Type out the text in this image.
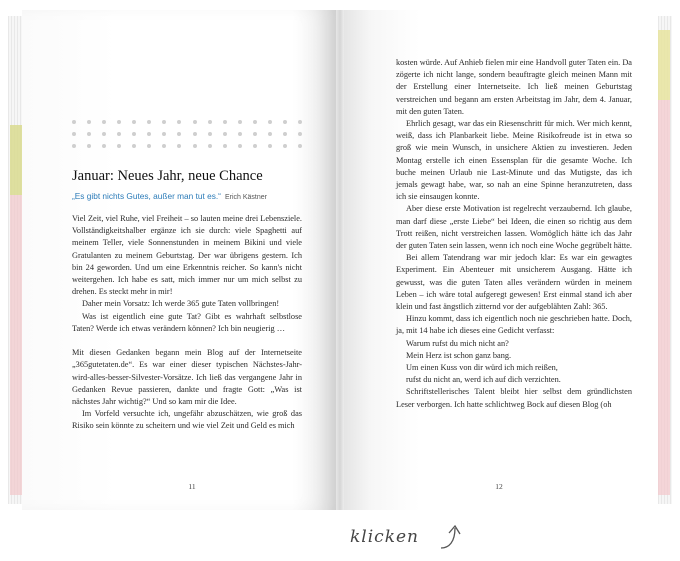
Januar: Neues Jahr, neue Chance
„Es gibt nichts Gutes, außer man tut es.“ Erich Kästner

Viel Zeit, viel Ruhe, viel Freiheit – so lauten meine drei Lebensziele. Vollständigkeitshalber ergänze ich sie durch: viele Spaghetti auf meinem Teller, viele Sonnenstunden in meinem Bikini und viele Gratulanten zu meinem Geburtstag. Der war übrigens gestern. Ich bin 24 geworden. Und um eine Erkenntnis reicher. So kann's nicht weitergehen. Ich habe es satt, mich immer nur um mich selbst zu drehen. Es steckt mehr in mir!

Daher mein Vorsatz: Ich werde 365 gute Taten vollbringen!

Was ist eigentlich eine gute Tat? Gibt es wahrhaft selbstlose Taten? Werde ich etwas verändern können? Ich bin neugierig …

Mit diesen Gedanken begann mein Blog auf der Internetseite „365gutetaten.de“. Es war einer dieser typischen Nächstes-Jahr-wird-alles-besser-Silvester-Vorsätze. Ich ließ das vergangene Jahr in Gedanken Revue passieren, dankte und fragte Gott: „Was ist nächstes Jahr wichtig?“ Und so kam mir die Idee.

Im Vorfeld versuchte ich, ungefähr abzuschätzen, wie groß das Risiko sein könnte zu scheitern und wie viel Zeit und Geld es mich

11

kosten würde. Auf Anhieb fielen mir eine Handvoll guter Taten ein. Da zögerte ich nicht lange, sondern beauftragte gleich meinen Mann mit der Erstellung einer Internetseite. Ich ließ meinen Geburtstag verstreichen und begann am ersten Arbeitstag im Jahr, dem 4. Januar, mit den guten Taten.

Ehrlich gesagt, war das ein Riesenschritt für mich. Wer mich kennt, weiß, dass ich Planbarkeit liebe. Meine Risikofreude ist in etwa so groß wie mein Wunsch, in unsichere Aktien zu investieren. Jeden Montag erstelle ich einen Essensplan für die gesamte Woche. Ich buche meinen Urlaub nie Last-Minute und das Mutigste, das ich jemals gewagt habe, war, so nah an eine Spinne heranzutreten, dass ich sie einsaugen konnte.

Aber diese erste Motivation ist regelrecht verzaubernd. Ich glaube, man darf diese „erste Liebe“ bei Ideen, die einen so richtig aus dem Trott reißen, nicht verstreichen lassen. Womöglich hätte ich das Jahr der guten Taten sein lassen, wenn ich noch eine Woche gegrübelt hätte.

Bei allem Tatendrang war mir jedoch klar: Es war ein gewagtes Experiment. Ein Abenteuer mit unsicherem Ausgang. Hätte ich gewusst, was die guten Taten alles verändern würden in meinem Leben – ich wäre total aufgeregt gewesen! Erst einmal stand ich aber klein und fast ängstlich zitternd vor der aufgeblähten Zahl: 365.

Hinzu kommt, dass ich eigentlich noch nie geschrieben hatte. Doch, ja, mit 14 habe ich dieses eine Gedicht verfasst:

Warum rufst du mich nicht an?

Mein Herz ist schon ganz bang.

Um einen Kuss von dir würd ich mich reißen,

rufst du nicht an, werd ich auf dich verzichten.

Schriftstellerisches Talent bleibt hier selbst dem gründlichsten Leser verborgen. Ich hatte schlichtweg Bock auf diesen Blog (oh

12
klicken
